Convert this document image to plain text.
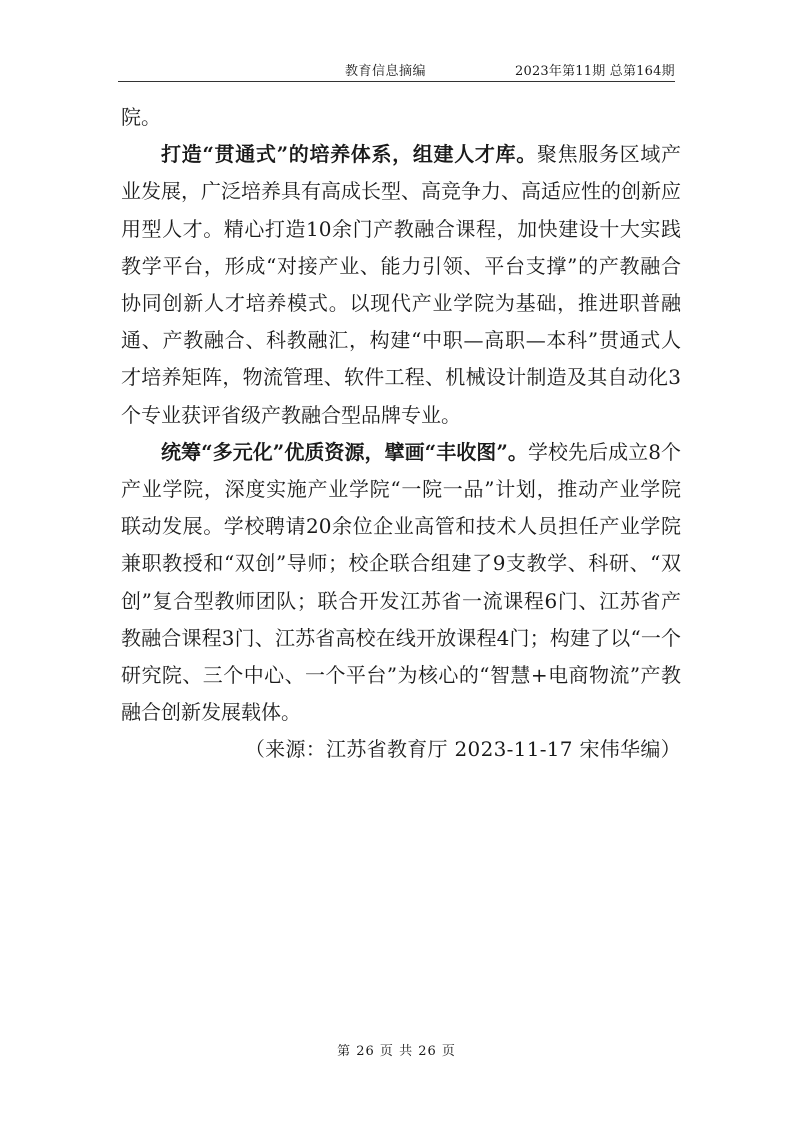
教育信息摘编	2023年第11期 总第164期

院。

打造“贯通式”的培养体系，组建人才库。聚焦服务区域产业发展，广泛培养具有高成长型、高竞争力、高适应性的创新应用型人才。精心打造10余门产教融合课程，加快建设十大实践教学平台，形成“对接产业、能力引领、平台支撑”的产教融合协同创新人才培养模式。以现代产业学院为基础，推进职普融通、产教融合、科教融汇，构建“中职—高职—本科”贯通式人才培养矩阵，物流管理、软件工程、机械设计制造及其自动化3个专业获评省级产教融合型品牌专业。

统筹“多元化”优质资源，擘画“丰收图”。学校先后成立8个产业学院，深度实施产业学院“一院一品”计划，推动产业学院联动发展。学校聘请20余位企业高管和技术人员担任产业学院兼职教授和“双创”导师；校企联合组建了9支教学、科研、“双创”复合型教师团队；联合开发江苏省一流课程6门、江苏省产教融合课程3门、江苏省高校在线开放课程4门；构建了以“一个研究院、三个中心、一个平台”为核心的“智慧+电商物流”产教融合创新发展载体。

（来源：江苏省教育厅 2023-11-17 宋伟华编）

第 26 页 共 26 页
